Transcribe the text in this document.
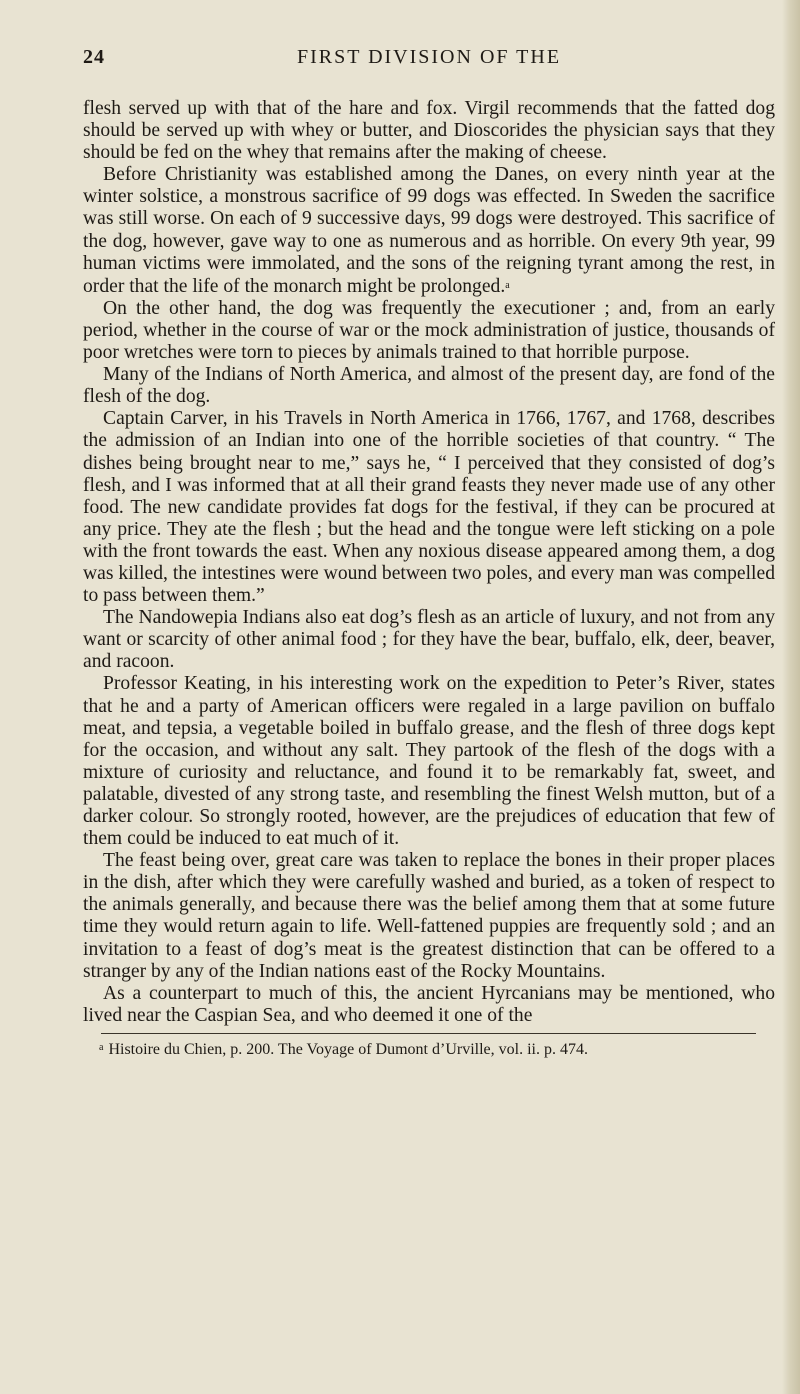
24	FIRST DIVISION OF THE

flesh served up with that of the hare and fox. Virgil recommends that the fatted dog should be served up with whey or butter, and Dioscorides the physician says that they should be fed on the whey that remains after the making of cheese.

Before Christianity was established among the Danes, on every ninth year at the winter solstice, a monstrous sacrifice of 99 dogs was effected. In Sweden the sacrifice was still worse. On each of 9 successive days, 99 dogs were destroyed. This sacrifice of the dog, however, gave way to one as numerous and as horrible. On every 9th year, 99 human victims were immolated, and the sons of the reigning tyrant among the rest, in order that the life of the monarch might be prolonged.$^a$

On the other hand, the dog was frequently the executioner ; and, from an early period, whether in the course of war or the mock administration of justice, thousands of poor wretches were torn to pieces by animals trained to that horrible purpose.

Many of the Indians of North America, and almost of the present day, are fond of the flesh of the dog.

Captain Carver, in his Travels in North America in 1766, 1767, and 1768, describes the admission of an Indian into one of the horrible societies of that country. “ The dishes being brought near to me,” says he, “ I perceived that they consisted of dog’s flesh, and I was informed that at all their grand feasts they never made use of any other food. The new candidate provides fat dogs for the festival, if they can be procured at any price. They ate the flesh ; but the head and the tongue were left sticking on a pole with the front towards the east. When any noxious disease appeared among them, a dog was killed, the intestines were wound between two poles, and every man was compelled to pass between them.”

The Nandowepia Indians also eat dog’s flesh as an article of luxury, and not from any want or scarcity of other animal food ; for they have the bear, buffalo, elk, deer, beaver, and racoon.

Professor Keating, in his interesting work on the expedition to Peter’s River, states that he and a party of American officers were regaled in a large pavilion on buffalo meat, and tepsia, a vegetable boiled in buffalo grease, and the flesh of three dogs kept for the occasion, and without any salt. They partook of the flesh of the dogs with a mixture of curiosity and reluctance, and found it to be remarkably fat, sweet, and palatable, divested of any strong taste, and resembling the finest Welsh mutton, but of a darker colour. So strongly rooted, however, are the prejudices of education that few of them could be induced to eat much of it.

The feast being over, great care was taken to replace the bones in their proper places in the dish, after which they were carefully washed and buried, as a token of respect to the animals generally, and because there was the belief among them that at some future time they would return again to life. Well-fattened puppies are frequently sold ; and an invitation to a feast of dog’s meat is the greatest distinction that can be offered to a stranger by any of the Indian nations east of the Rocky Mountains.

As a counterpart to much of this, the ancient Hyrcanians may be mentioned, who lived near the Caspian Sea, and who deemed it one of the

$^a$ Histoire du Chien, p. 200. The Voyage of Dumont d’Urville, vol. ii. p. 474.
